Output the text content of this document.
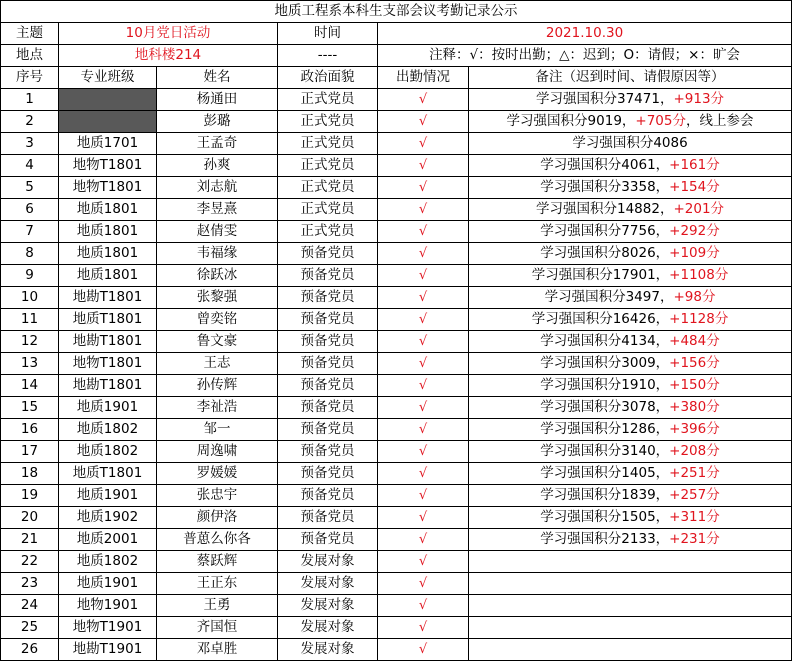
地质工程系本科生支部会议考勤记录公示					
主题	10月党日活动		时间	2021.10.30	
地点	地科楼214		----	注释：√：按时出勤；△：迟到；O：请假；×：旷会	
序号	专业班级	姓名	政治面貌	出勤情况	备注（迟到时间、请假原因等）
1		杨通田	正式党员	√	学习强国积分37471，+913分
2		彭璐	正式党员	√	学习强国积分9019，+705分，线上参会
3	地质1701	王孟奇	正式党员	√	学习强国积分4086
4	地物T1801	孙爽	正式党员	√	学习强国积分4061，+161分
5	地物T1801	刘志航	正式党员	√	学习强国积分3358，+154分
6	地质1801	李昱熹	正式党员	√	学习强国积分14882，+201分
7	地质1801	赵倩雯	正式党员	√	学习强国积分7756，+292分
8	地质1801	韦福缘	预备党员	√	学习强国积分8026，+109分
9	地质1801	徐跃冰	预备党员	√	学习强国积分17901，+1108分
10	地勘T1801	张黎强	预备党员	√	学习强国积分3497，+98分
11	地质T1801	曾奕铭	预备党员	√	学习强国积分16426，+1128分
12	地勘T1801	鲁文豪	预备党员	√	学习强国积分4134，+484分
13	地物T1801	王志	预备党员	√	学习强国积分3009，+156分
14	地勘T1801	孙传辉	预备党员	√	学习强国积分1910，+150分
15	地质1901	李祉浩	预备党员	√	学习强国积分3078，+380分
16	地质1802	邹一	预备党员	√	学习强国积分1286，+396分
17	地质1802	周逸啸	预备党员	√	学习强国积分3140，+208分
18	地质T1801	罗媛媛	预备党员	√	学习强国积分1405，+251分
19	地质1901	张忠宇	预备党员	√	学习强国积分1839，+257分
20	地质1902	颜伊洛	预备党员	√	学习强国积分1505，+311分
21	地质2001	普葸么你各	预备党员	√	学习强国积分2133，+231分
22	地质1802	蔡跃辉	发展对象	√	
23	地质1901	王正东	发展对象	√	
24	地物1901	王勇	发展对象	√	
25	地物T1901	齐国恒	发展对象	√	
26	地勘T1901	邓卓胜	发展对象	√	
